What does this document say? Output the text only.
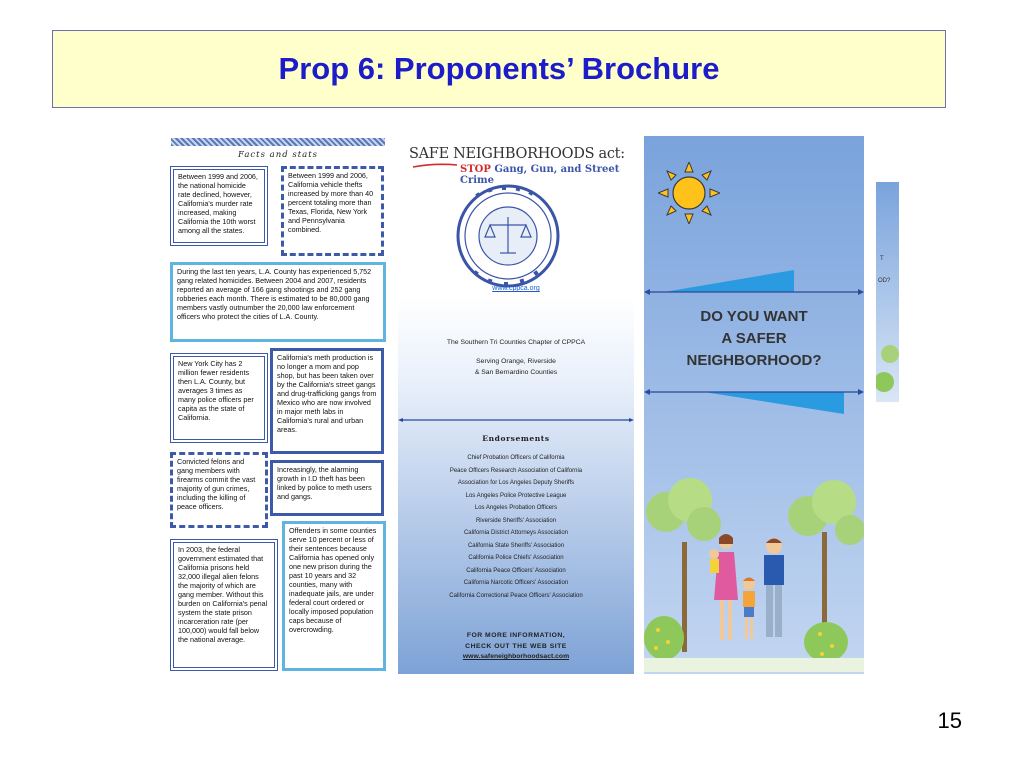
Prop 6: Proponents’ Brochure
Facts and stats
Between 1999 and 2006, the national homicide rate declined, however, California's murder rate increased, making California the 10th worst among all the states.
Between 1999 and 2006, California vehicle thefts increased by more than 40 percent totaling more than Texas, Florida, New York and Pennsylvania combined.
During the last ten years, L.A. County has experienced 5,752 gang related homicides. Between 2004 and 2007, residents reported an average of 166 gang shootings and 252 gang robberies each month. There is estimated to be 80,000 gang members vastly outnumber the 20,000 law enforcement officers who protect the cities of L.A. County.
New York City has 2 million fewer residents then L.A. County, but averages 3 times as many police officers per capita as the state of California.
California's meth production is no longer a mom and pop shop, but has been taken over by the California's street gangs and drug-trafficking gangs from Mexico who are now involved in major meth labs in California's rural and urban areas.
Convicted felons and gang members with firearms commit the vast majority of gun crimes, including the killing of peace officers.
Increasingly, the alarming growth in I.D theft has been linked by police to meth users and gangs.
In 2003, the federal government estimated that California prisons held 32,000 illegal alien felons the majority of which are gang member. Without this burden on California's penal system the state prison incarceration rate (per 100,000) would fall below the national average.
Offenders in some counties serve 10 percent or less of their sentences because California has opened only one new prison during the past 10 years and 32 counties, many with inadequate jails, are under federal court ordered or locally imposed population caps because of overcrowding.
SAFE NEIGHBORHOODS act:
STOP Gang, Gun, and Street Crime
www.cppca.org
The Southern Tri Counties Chapter of CPPCA
Serving Orange, Riverside
& San Bernardino Counties
Endorsements
Chief Probation Officers of California
Peace Officers Research Association of California
Association for Los Angeles Deputy Sheriffs
Los Angeles Police Protective League
Los Angeles Probation Officers
Riverside Sheriffs' Association
California District Attorneys Association
California State Sheriffs' Association
California Police Chiefs' Association
California Peace Officers' Association
California Narcotic Officers' Association
California Correctional Peace Officers' Association
FOR MORE INFORMATION,
CHECK OUT THE WEB SITE
www.safeneighborhoodsact.com
DO YOU WANT
A SAFER
NEIGHBORHOOD?
T
OD?
15
